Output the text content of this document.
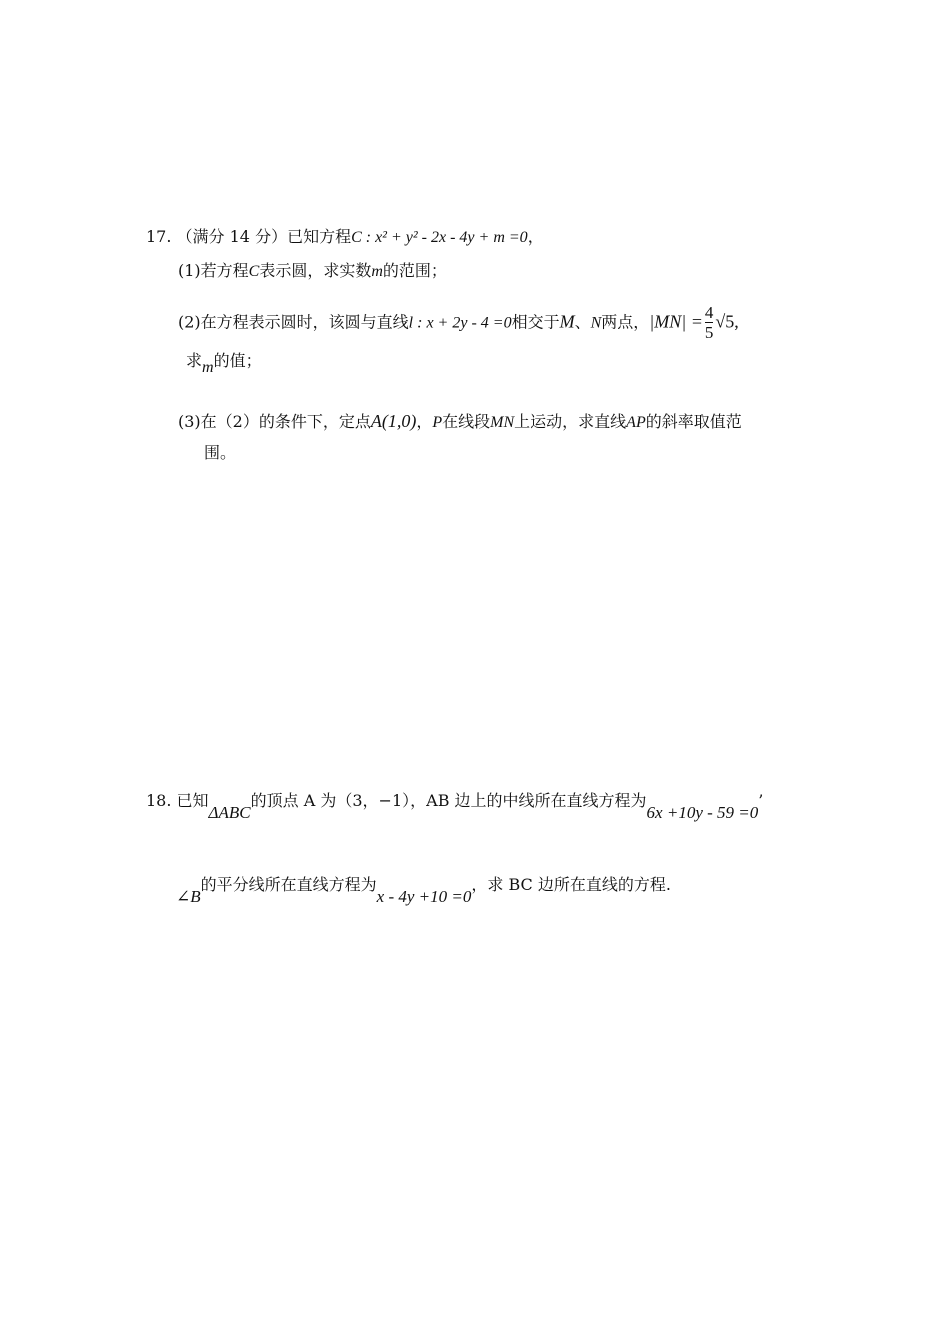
17. （满分 14 分）已知方程C : x² + y² - 2x - 4y + m =0，
(1)若方程C表示圆，求实数m的范围；
(2)在方程表示圆时，该圆与直线l : x + 2y - 4 =0相交于M、N两点，$|MN| = \frac{4}{5} √5$,
求m的值；
(3)在（2）的条件下，定点A(1,0)，P在线段MN上运动，求直线AP的斜率取值范
围。
18. 已知ΔABC的顶点 A 为（3，−1），AB 边上的中线所在直线方程为6x +10y - 59 =0’
∠B的平分线所在直线方程为x - 4y +10 =0，求 BC 边所在直线的方程.
